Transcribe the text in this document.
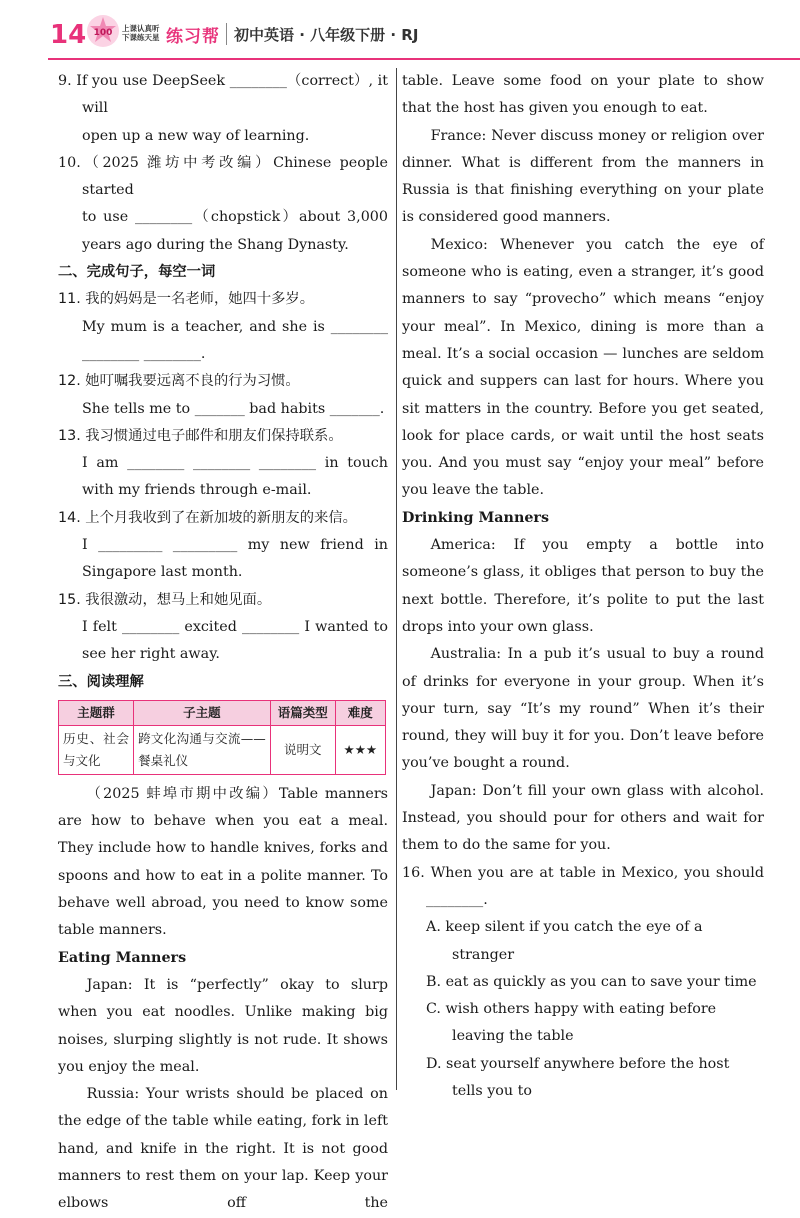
14 100 上课认真听
下课练天星 练习帮 初中英语 · 八年级下册 · RJ

9. If you use DeepSeek ________（correct）, it will

open up a new way of learning.

10.（2025 潍坊中考改编）Chinese people started

to use ________（chopstick）about 3,000

years ago during the Shang Dynasty.

二、完成句子，每空一词

11. 我的妈妈是一名老师，她四十多岁。

My mum is a teacher, and she is ________

________ ________.

12. 她叮嘱我要远离不良的行为习惯。

She tells me to _______ bad habits _______.

13. 我习惯通过电子邮件和朋友们保持联系。

I am ________ ________ ________ in touch

with my friends through e-mail.

14. 上个月我收到了在新加坡的新朋友的来信。

I _________ _________ my new friend in

Singapore last month.

15. 我很激动，想马上和她见面。

I felt ________ excited ________ I wanted to

see her right away.

三、阅读理解

主题群	子主题	语篇类型	难度
历史、社会与文化	跨文化沟通与交流——餐桌礼仪	说明文	★★★

（2025 蚌埠市期中改编）Table manners are how to behave when you eat a meal. They include how to handle knives, forks and spoons and how to eat in a polite manner. To behave well abroad, you need to know some table manners.

Eating Manners

Japan: It is “perfectly” okay to slurp when you eat noodles. Unlike making big noises, slurping slightly is not rude. It shows you enjoy the meal.

Russia: Your wrists should be placed on the edge of the table while eating, fork in left hand, and knife in the right. It is not good manners to rest them on your lap. Keep your elbows off the

table. Leave some food on your plate to show that the host has given you enough to eat.

France: Never discuss money or religion over dinner. What is different from the manners in Russia is that finishing everything on your plate is considered good manners.

Mexico: Whenever you catch the eye of someone who is eating, even a stranger, it’s good manners to say “provecho” which means “enjoy your meal”. In Mexico, dining is more than a meal. It’s a social occasion — lunches are seldom quick and suppers can last for hours. Where you sit matters in the country. Before you get seated, look for place cards, or wait until the host seats you. And you must say “enjoy your meal” before you leave the table.

Drinking Manners

America: If you empty a bottle into someone’s glass, it obliges that person to buy the next bottle. Therefore, it’s polite to put the last drops into your own glass.

Australia: In a pub it’s usual to buy a round of drinks for everyone in your group. When it’s your turn, say “It’s my round” When it’s their round, they will buy it for you. Don’t leave before you’ve bought a round.

Japan: Don’t fill your own glass with alcohol. Instead, you should pour for others and wait for them to do the same for you.

16. When you are at table in Mexico, you should

________.

A. keep silent if you catch the eye of a stranger

B. eat as quickly as you can to save your time

C. wish others happy with eating before leaving the table

D. seat yourself anywhere before the host tells you to
